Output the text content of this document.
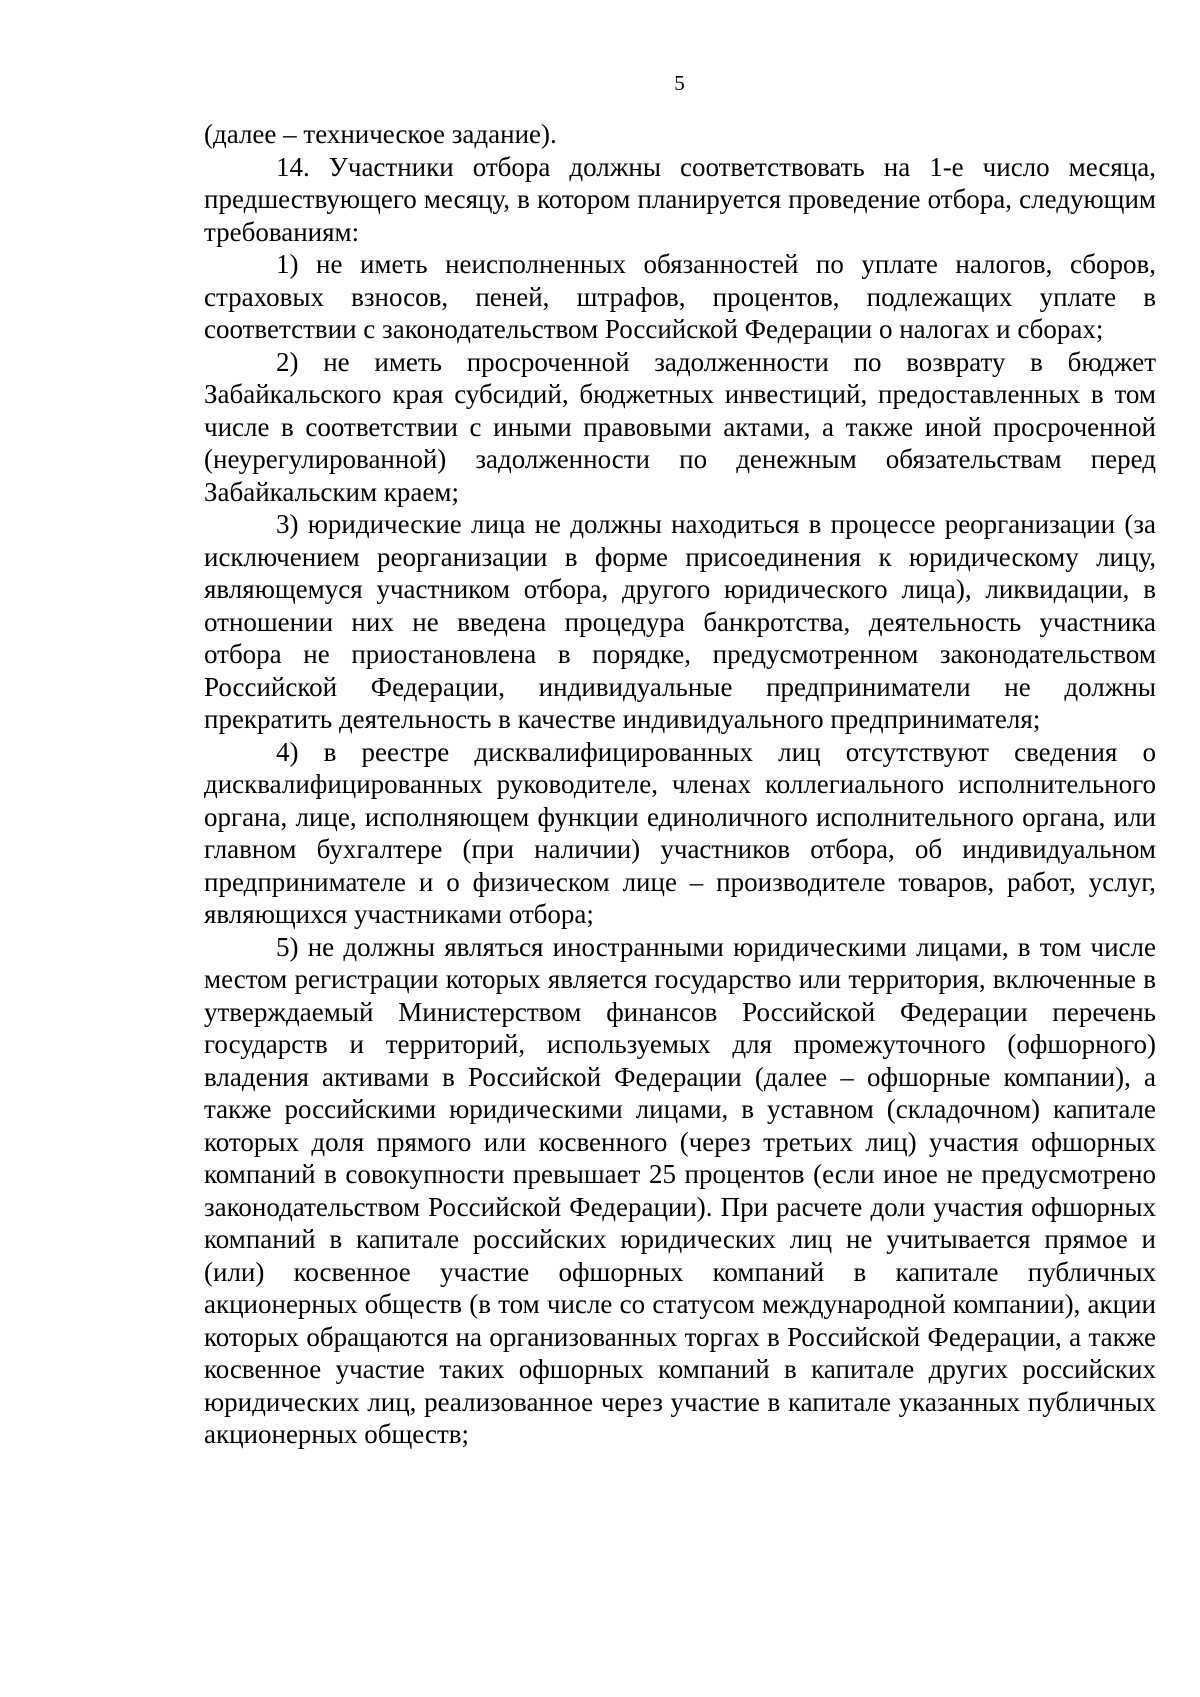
5

(далее – техническое задание).

14. Участники отбора должны соответствовать на 1-е число месяца, предшествующего месяцу, в котором планируется проведение отбора, следующим требованиям:

1) не иметь неисполненных обязанностей по уплате налогов, сборов, страховых взносов, пеней, штрафов, процентов, подлежащих уплате в соответствии с законодательством Российской Федерации о налогах и сборах;

2) не иметь просроченной задолженности по возврату в бюджет Забайкальского края субсидий, бюджетных инвестиций, предоставленных в том числе в соответствии с иными правовыми актами, а также иной просроченной (неурегулированной) задолженности по денежным обязательствам перед Забайкальским краем;

3) юридические лица не должны находиться в процессе реорганизации (за исключением реорганизации в форме присоединения к юридическому лицу, являющемуся участником отбора, другого юридического лица), ликвидации, в отношении них не введена процедура банкротства, деятельность участника отбора не приостановлена в порядке, предусмотренном законодательством Российской Федерации, индивидуальные предприниматели не должны прекратить деятельность в качестве индивидуального предпринимателя;

4) в реестре дисквалифицированных лиц отсутствуют сведения о дисквалифицированных руководителе, членах коллегиального исполнительного органа, лице, исполняющем функции единоличного исполнительного органа, или главном бухгалтере (при наличии) участников отбора, об индивидуальном предпринимателе и о физическом лице – производителе товаров, работ, услуг, являющихся участниками отбора;

5) не должны являться иностранными юридическими лицами, в том числе местом регистрации которых является государство или территория, включенные в утверждаемый Министерством финансов Российской Федерации перечень государств и территорий, используемых для промежуточного (офшорного) владения активами в Российской Федерации (далее – офшорные компании), а также российскими юридическими лицами, в уставном (складочном) капитале которых доля прямого или косвенного (через третьих лиц) участия офшорных компаний в совокупности превышает 25 процентов (если иное не предусмотрено законодательством Российской Федерации). При расчете доли участия офшорных компаний в капитале российских юридических лиц не учитывается прямое и (или) косвенное участие офшорных компаний в капитале публичных акционерных обществ (в том числе со статусом международной компании), акции которых обращаются на организованных торгах в Российской Федерации, а также косвенное участие таких офшорных компаний в капитале других российских юридических лиц, реализованное через участие в капитале указанных публичных акционерных обществ;
